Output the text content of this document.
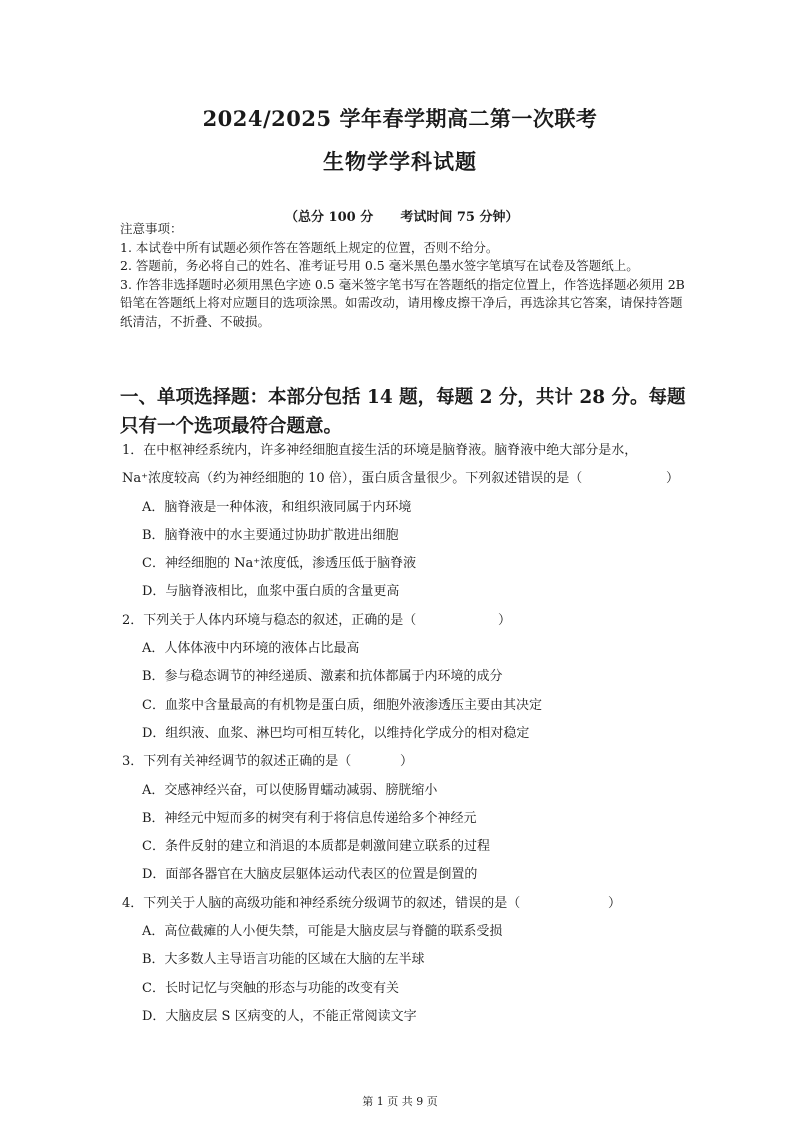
2024/2025 学年春学期高二第一次联考
生物学学科试题
（总分 100 分      考试时间 75 分钟）
注意事项：
1. 本试卷中所有试题必须作答在答题纸上规定的位置，否则不给分。
2. 答题前，务必将自己的姓名、准考证号用 0.5 毫米黑色墨水签字笔填写在试卷及答题纸上。
3. 作答非选择题时必须用黑色字迹 0.5 毫米签字笔书写在答题纸的指定位置上，作答选择题必须用 2B 铅笔在答题纸上将对应题目的选项涂黑。如需改动，请用橡皮擦干净后，再选涂其它答案，请保持答题纸清洁，不折叠、不破损。
一、单项选择题：本部分包括 14 题，每题 2 分，共计 28 分。每题只有一个选项最符合题意。
1．在中枢神经系统内，许多神经细胞直接生活的环境是脑脊液。脑脊液中绝大部分是水，
Na⁺浓度较高（约为神经细胞的 10 倍），蛋白质含量很少。下列叙述错误的是（	）
A．脑脊液是一种体液，和组织液同属于内环境
B．脑脊液中的水主要通过协助扩散进出细胞
C．神经细胞的 Na⁺浓度低，渗透压低于脑脊液
D．与脑脊液相比，血浆中蛋白质的含量更高
2．下列关于人体内环境与稳态的叙述，正确的是（	）
A．人体体液中内环境的液体占比最高
B．参与稳态调节的神经递质、激素和抗体都属于内环境的成分
C．血浆中含量最高的有机物是蛋白质，细胞外液渗透压主要由其决定
D．组织液、血浆、淋巴均可相互转化，以维持化学成分的相对稳定
3．下列有关神经调节的叙述正确的是（	）
A．交感神经兴奋，可以使肠胃蠕动减弱、膀胱缩小
B．神经元中短而多的树突有利于将信息传递给多个神经元
C．条件反射的建立和消退的本质都是刺激间建立联系的过程
D．面部各器官在大脑皮层躯体运动代表区的位置是倒置的
4．下列关于人脑的高级功能和神经系统分级调节的叙述，错误的是（	）
A．高位截瘫的人小便失禁，可能是大脑皮层与脊髓的联系受损
B．大多数人主导语言功能的区域在大脑的左半球
C．长时记忆与突触的形态与功能的改变有关
D．大脑皮层 S 区病变的人，不能正常阅读文字
第 1 页 共 9 页
